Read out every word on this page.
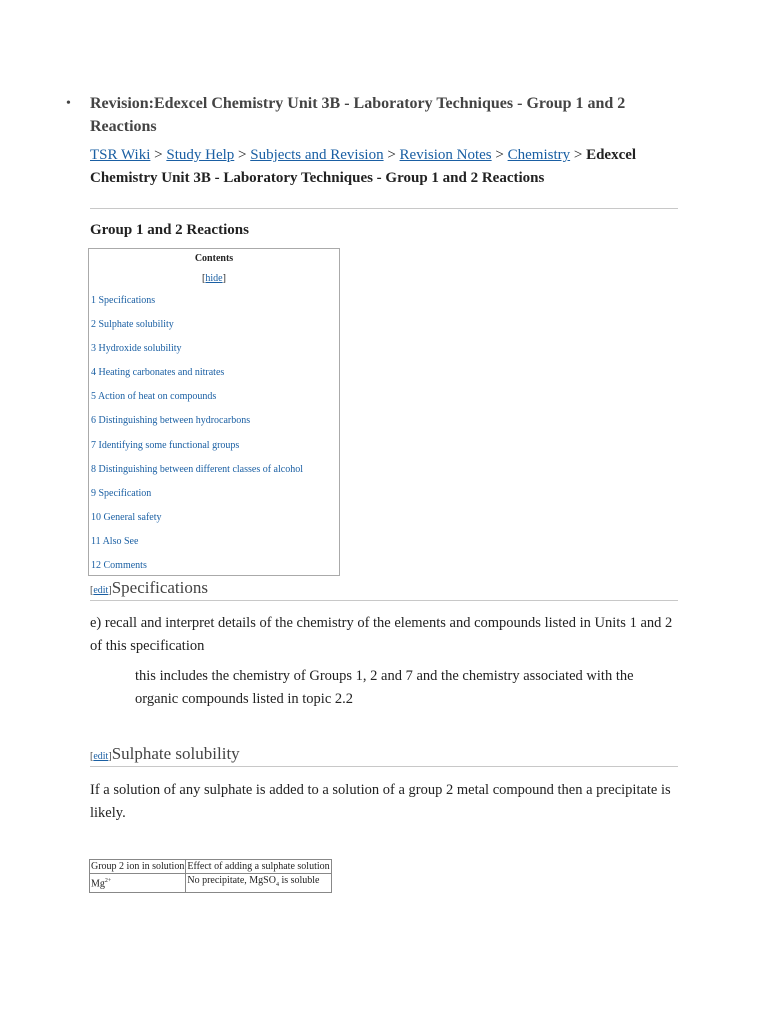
• Revision:Edexcel Chemistry Unit 3B - Laboratory Techniques - Group 1 and 2 Reactions
TSR Wiki > Study Help > Subjects and Revision > Revision Notes > Chemistry > Edexcel Chemistry Unit 3B - Laboratory Techniques - Group 1 and 2 Reactions
Group 1 and 2 Reactions
Contents
[hide]
1 Specifications
2 Sulphate solubility
3 Hydroxide solubility
4 Heating carbonates and nitrates
5 Action of heat on compounds
6 Distinguishing between hydrocarbons
7 Identifying some functional groups
8 Distinguishing between different classes of alcohol
9 Specification
10 General safety
11 Also See
12 Comments
[edit]Specifications

e) recall and interpret details of the chemistry of the elements and compounds listed in Units 1 and 2 of this specification

this includes the chemistry of Groups 1, 2 and 7 and the chemistry associated with the organic compounds listed in topic 2.2

[edit]Sulphate solubility

If a solution of any sulphate is added to a solution of a group 2 metal compound then a precipitate is likely.

Group 2 ion in solution	Effect of adding a sulphate solution
$Mg^{2+}$	No precipitate, MgSO$_4$ is soluble
